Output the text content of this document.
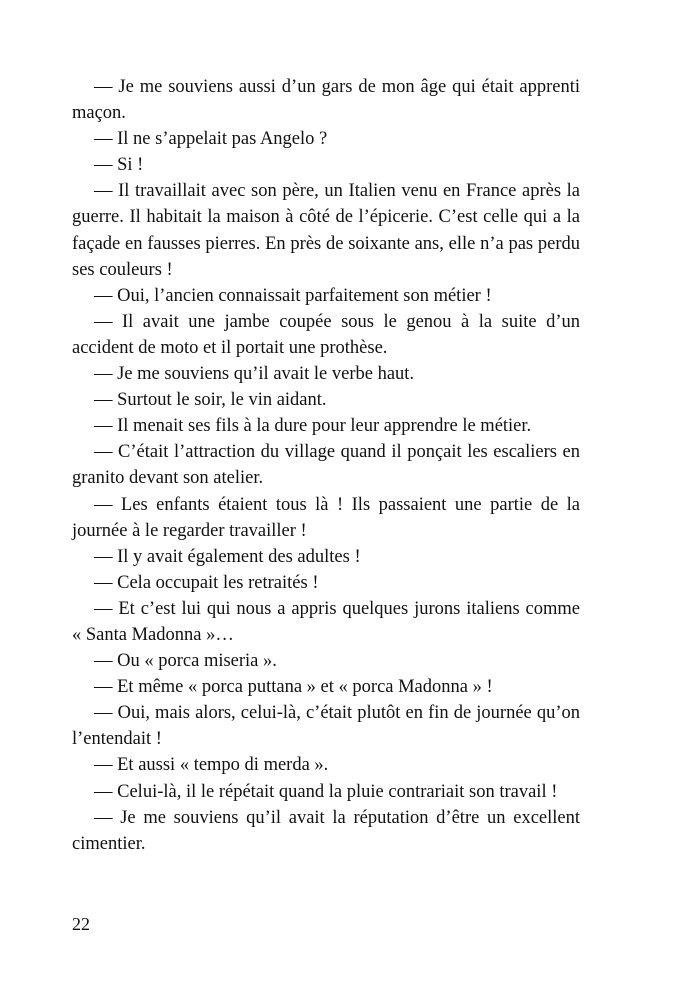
— Je me souviens aussi d’un gars de mon âge qui était apprenti maçon.

— Il ne s’appelait pas Angelo ?

— Si !

— Il travaillait avec son père, un Italien venu en France après la guerre. Il habitait la maison à côté de l’épicerie. C’est celle qui a la façade en fausses pierres. En près de soixante ans, elle n’a pas perdu ses couleurs !

— Oui, l’ancien connaissait parfaitement son métier !

— Il avait une jambe coupée sous le genou à la suite d’un accident de moto et il portait une prothèse.

— Je me souviens qu’il avait le verbe haut.

— Surtout le soir, le vin aidant.

— Il menait ses fils à la dure pour leur apprendre le métier.

— C’était l’attraction du village quand il ponçait les escaliers en granito devant son atelier.

— Les enfants étaient tous là ! Ils passaient une partie de la journée à le regarder travailler !

— Il y avait également des adultes !

— Cela occupait les retraités !

— Et c’est lui qui nous a appris quelques jurons italiens comme « Santa Madonna »…

— Ou « porca miseria ».

— Et même « porca puttana » et « porca Madonna » !

— Oui, mais alors, celui-là, c’était plutôt en fin de journée qu’on l’entendait !

— Et aussi « tempo di merda ».

— Celui-là, il le répétait quand la pluie contrariait son travail !

— Je me souviens qu’il avait la réputation d’être un excellent cimentier.

22
